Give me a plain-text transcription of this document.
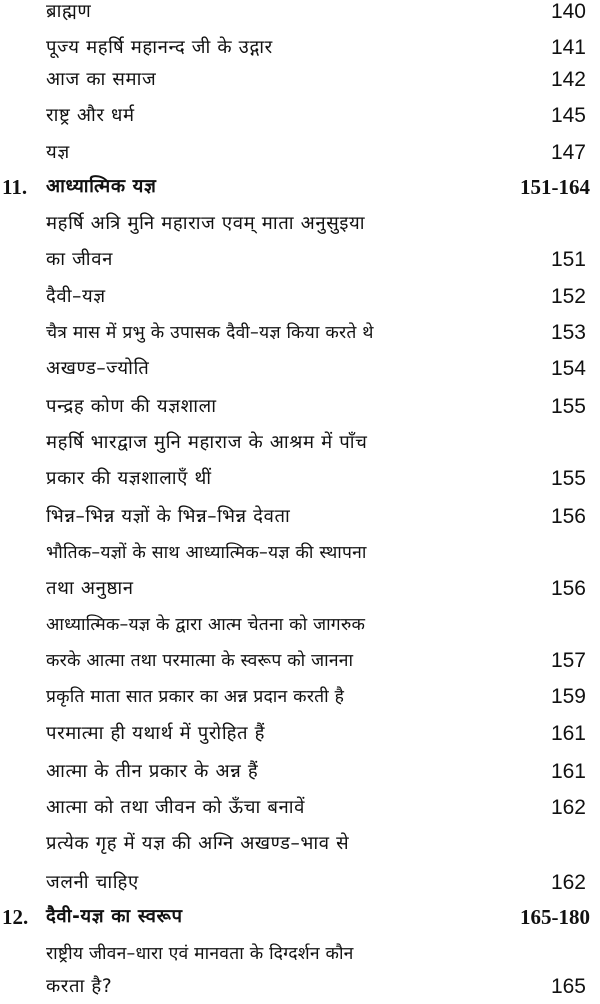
ब्राह्मण	140
पूज्य महर्षि महानन्द जी के उद्गार	141
आज का समाज	142
राष्ट्र और धर्म	145
यज्ञ	147
11. आध्यात्मिक यज्ञ	151-164
महर्षि अत्रि मुनि महाराज एवम् माता अनुसुइया
का जीवन	151
दैवी–यज्ञ	152
चैत्र मास में प्रभु के उपासक दैवी–यज्ञ किया करते थे	153
अखण्ड–ज्योति	154
पन्द्रह कोण की यज्ञशाला	155
महर्षि भारद्वाज मुनि महाराज के आश्रम में पाँच
प्रकार की यज्ञशालाएँ थीं	155
भिन्न–भिन्न यज्ञों के भिन्न–भिन्न देवता	156
भौतिक–यज्ञों के साथ आध्यात्मिक–यज्ञ की स्थापना
तथा अनुष्ठान	156
आध्यात्मिक–यज्ञ के द्वारा आत्म चेतना को जागरुक
करके आत्मा तथा परमात्मा के स्वरूप को जानना	157
प्रकृति माता सात प्रकार का अन्न प्रदान करती है	159
परमात्मा ही यथार्थ में पुरोहित हैं	161
आत्मा के तीन प्रकार के अन्न हैं	161
आत्मा को तथा जीवन को ऊँचा बनावें	162
प्रत्येक गृह में यज्ञ की अग्नि अखण्ड–भाव से
जलनी चाहिए	162
12. दैवी-यज्ञ का स्वरूप	165-180
राष्ट्रीय जीवन–धारा एवं मानवता के दिग्दर्शन कौन
करता है?	165
